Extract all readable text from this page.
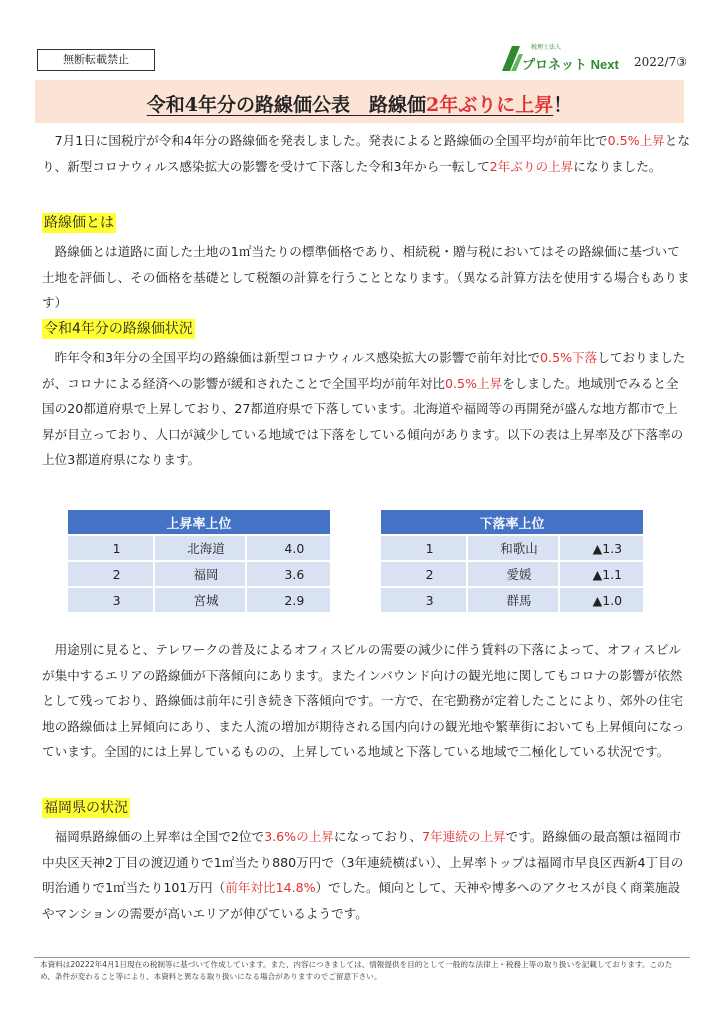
無断転載禁止
税理士法人
プロネット Next 2022/7③
令和4年分の路線価公表　路線価2年ぶりに上昇！

　7月1日に国税庁が令和4年分の路線価を発表しました。発表によると路線価の全国平均が前年比で0.5%上昇となり、新型コロナウィルス感染拡大の影響を受けて下落した令和3年から一転して2年ぶりの上昇になりました。

路線価とは

　路線価とは道路に面した土地の1㎡当たりの標準価格であり、相続税・贈与税においてはその路線価に基づいて土地を評価し、その価格を基礎として税額の計算を行うこととなります。（異なる計算方法を使用する場合もあります）

令和4年分の路線価状況

　昨年令和3年分の全国平均の路線価は新型コロナウィルス感染拡大の影響で前年対比で0.5%下落しておりましたが、コロナによる経済への影響が緩和されたことで全国平均が前年対比0.5%上昇をしました。地域別でみると全国の20都道府県で上昇しており、27都道府県で下落しています。北海道や福岡等の再開発が盛んな地方都市で上昇が目立っており、人口が減少している地域では下落をしている傾向があります。以下の表は上昇率及び下落率の上位3都道府県になります。

上昇率上位		
1	北海道	4.0
2	福岡	3.6
3	宮城	2.9
下落率上位		
1	和歌山	▲1.3
2	愛媛	▲1.1
3	群馬	▲1.0

　用途別に見ると、テレワークの普及によるオフィスビルの需要の減少に伴う賃料の下落によって、オフィスビルが集中するエリアの路線価が下落傾向にあります。またインバウンド向けの観光地に関してもコロナの影響が依然として残っており、路線価は前年に引き続き下落傾向です。一方で、在宅勤務が定着したことにより、郊外の住宅地の路線価は上昇傾向にあり、また人流の増加が期待される国内向けの観光地や繁華街においても上昇傾向になっています。全国的には上昇しているものの、上昇している地域と下落している地域で二極化している状況です。

福岡県の状況

　福岡県路線価の上昇率は全国で2位で3.6%の上昇になっており、7年連続の上昇です。路線価の最高額は福岡市中央区天神2丁目の渡辺通りで1㎡当たり880万円で（3年連続横ばい）、上昇率トップは福岡市早良区西新4丁目の明治通りで1㎡当たり101万円（前年対比14.8%）でした。傾向として、天神や博多へのアクセスが良く商業施設やマンションの需要が高いエリアが伸びているようです。

本資料は20222年4月1日現在の税制等に基づいて作成しています。また、内容につきましては、情報提供を目的として一般的な法律上・税務上等の取り扱いを記載しております。このため、条件が変わること等により、本資料と異なる取り扱いになる場合がありますのでご留意下さい。
